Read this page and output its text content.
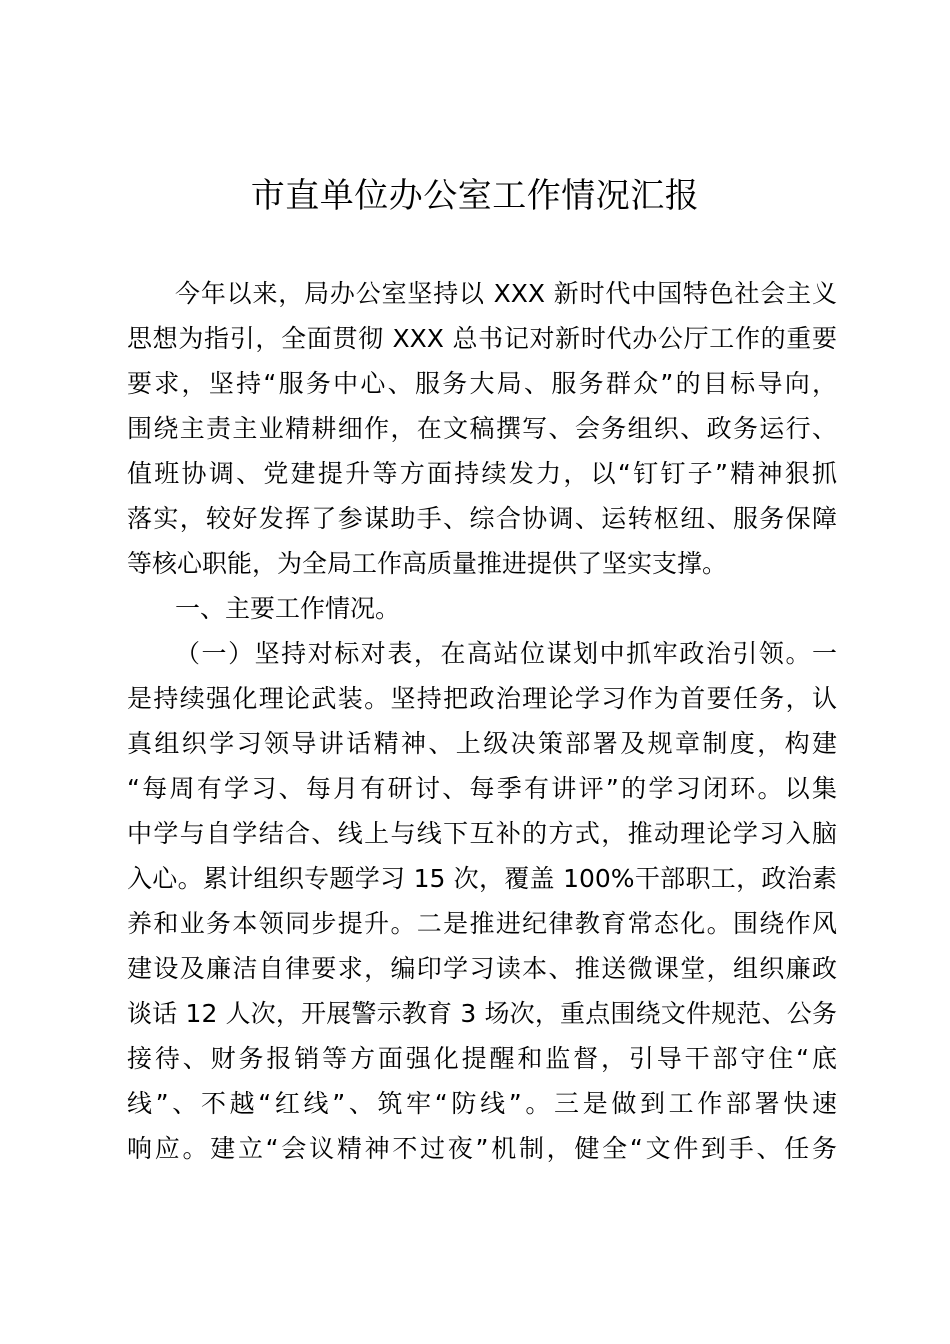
市直单位办公室工作情况汇报

今年以来，局办公室坚持以 XXX 新时代中国特色社会主义

思想为指引，全面贯彻 XXX 总书记对新时代办公厅工作的重要

要求，坚持“服务中心、服务大局、服务群众”的目标导向，

围绕主责主业精耕细作，在文稿撰写、会务组织、政务运行、

值班协调、党建提升等方面持续发力，以“钉钉子”精神狠抓

落实，较好发挥了参谋助手、综合协调、运转枢纽、服务保障

等核心职能，为全局工作高质量推进提供了坚实支撑。

一、主要工作情况。

（一）坚持对标对表，在高站位谋划中抓牢政治引领。一

是持续强化理论武装。坚持把政治理论学习作为首要任务，认

真组织学习领导讲话精神、上级决策部署及规章制度，构建

“每周有学习、每月有研讨、每季有讲评”的学习闭环。以集

中学与自学结合、线上与线下互补的方式，推动理论学习入脑

入心。累计组织专题学习 15 次，覆盖 100%干部职工，政治素

养和业务本领同步提升。二是推进纪律教育常态化。围绕作风

建设及廉洁自律要求，编印学习读本、推送微课堂，组织廉政

谈话 12 人次，开展警示教育 3 场次，重点围绕文件规范、公务

接待、财务报销等方面强化提醒和监督，引导干部守住“底

线”、不越“红线”、筑牢“防线”。三是做到工作部署快速

响应。建立“会议精神不过夜”机制，健全“文件到手、任务
